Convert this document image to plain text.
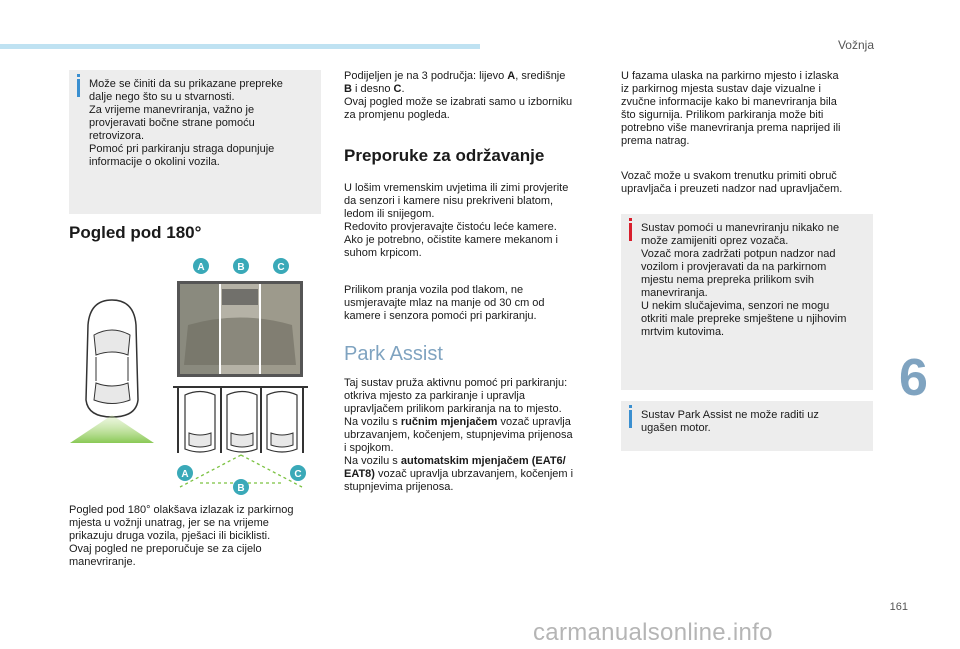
Vožnja
6
161
carmanualsonline.info

Može se činiti da su prikazane prepreke

dalje nego što su u stvarnosti.

Za vrijeme manevriranja, važno je

provjeravati bočne strane pomoću

retrovizora.

Pomoć pri parkiranju straga dopunjuje

informacije o okolini vozila.

Pogled pod 180°
A	B	C
A
B
C

Pogled pod 180° olakšava izlazak iz parkirnog

mjesta u vožnji unatrag, jer se na vrijeme

prikazuju druga vozila, pješaci ili biciklisti.

Ovaj pogled ne preporučuje se za cijelo

manevriranje.

Podijeljen je na 3 područja: lijevo A, središnje

B i desno C.

Ovaj pogled može se izabrati samo u izborniku

za promjenu pogleda.

Preporuke za održavanje

U lošim vremenskim uvjetima ili zimi provjerite

da senzori i kamere nisu prekriveni blatom,

ledom ili snijegom.

Redovito provjeravajte čistoću leće kamere.

Ako je potrebno, očistite kamere mekanom i

suhom krpicom.

Prilikom pranja vozila pod tlakom, ne

usmjeravajte mlaz na manje od 30 cm od

kamere i senzora pomoći pri parkiranju.

Park Assist

Taj sustav pruža aktivnu pomoć pri parkiranju:

otkriva mjesto za parkiranje i upravlja

upravljačem prilikom parkiranja na to mjesto.

Na vozilu s ručnim mjenjačem vozač upravlja

ubrzavanjem, kočenjem, stupnjevima prijenosa

i spojkom.

Na vozilu s automatskim mjenjačem (EAT6/

EAT8) vozač upravlja ubrzavanjem, kočenjem i

stupnjevima prijenosa.

U fazama ulaska na parkirno mjesto i izlaska

iz parkirnog mjesta sustav daje vizualne i

zvučne informacije kako bi manevriranja bila

što sigurnija. Prilikom parkiranja može biti

potrebno više manevriranja prema naprijed ili

prema natrag.

Vozač može u svakom trenutku primiti obruč

upravljača i preuzeti nadzor nad upravljačem.

Sustav pomoći u manevriranju nikako ne

može zamijeniti oprez vozača.

Vozač mora zadržati potpun nadzor nad

vozilom i provjeravati da na parkirnom

mjestu nema prepreka prilikom svih

manevriranja.

U nekim slučajevima, senzori ne mogu

otkriti male prepreke smještene u njihovim

mrtvim kutovima.

Sustav Park Assist ne može raditi uz

ugašen motor.
